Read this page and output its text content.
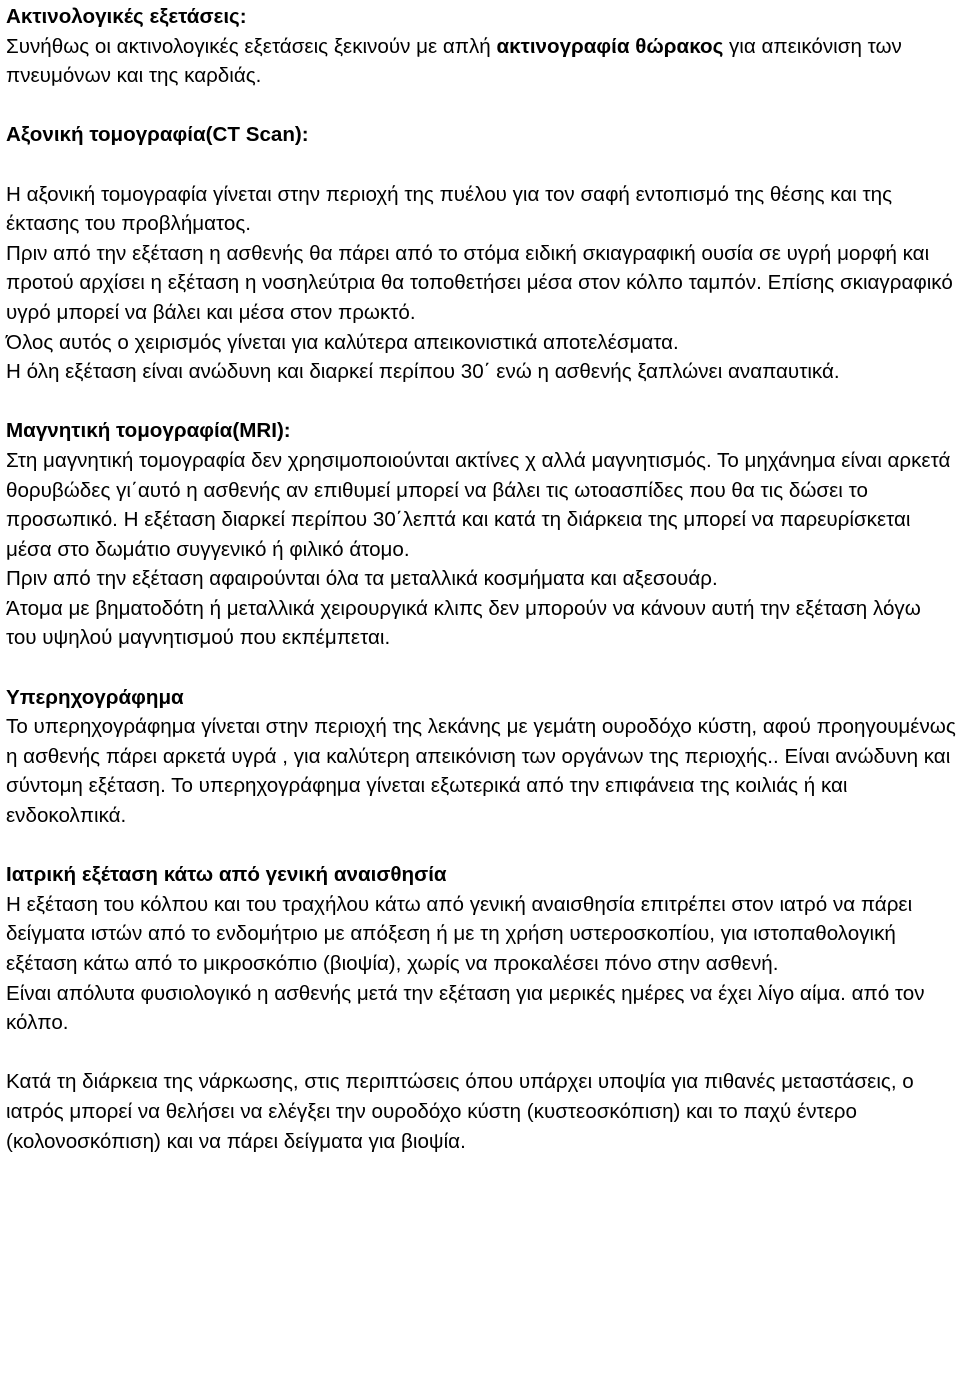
Ακτινολογικές εξετάσεις:
Συνήθως οι ακτινολογικές εξετάσεις ξεκινούν με απλή ακτινογραφία θώρακος για απεικόνιση των πνευμόνων και της καρδιάς.
Αξονική τομογραφία(CT Scan):
Η αξονική τομογραφία γίνεται στην περιοχή της πυέλου για τον σαφή εντοπισμό της θέσης και της έκτασης του προβλήματος.
Πριν από την εξέταση η ασθενής θα πάρει από το στόμα ειδική σκιαγραφική ουσία σε υγρή μορφή και προτού αρχίσει η εξέταση η νοσηλεύτρια θα τοποθετήσει μέσα στον κόλπο ταμπόν. Επίσης σκιαγραφικό υγρό μπορεί να βάλει και μέσα στον πρωκτό.
Όλος αυτός ο χειρισμός γίνεται για καλύτερα απεικονιστικά αποτελέσματα.
Η όλη εξέταση είναι ανώδυνη και διαρκεί περίπου 30΄ ενώ η ασθενής ξαπλώνει αναπαυτικά.
Μαγνητική τομογραφία(MRI):
Στη μαγνητική τομογραφία δεν χρησιμοποιούνται ακτίνες χ αλλά μαγνητισμός. Το μηχάνημα είναι αρκετά θορυβώδες γι΄αυτό η ασθενής αν επιθυμεί μπορεί να βάλει τις ωτοασπίδες που θα τις δώσει το προσωπικό. Η εξέταση διαρκεί περίπου 30΄λεπτά και κατά τη διάρκεια της μπορεί να παρευρίσκεται μέσα στο δωμάτιο συγγενικό ή φιλικό άτομο.
Πριν από την εξέταση αφαιρούνται όλα τα μεταλλικά κοσμήματα και αξεσουάρ.
Άτομα με βηματοδότη ή μεταλλικά χειρουργικά κλιπς δεν μπορούν να κάνουν αυτή την εξέταση λόγω του υψηλού μαγνητισμού που εκπέμπεται.
Υπερηχογράφημα
Το υπερηχογράφημα γίνεται στην περιοχή της λεκάνης με γεμάτη ουροδόχο κύστη, αφού προηγουμένως η ασθενής πάρει αρκετά υγρά , για καλύτερη απεικόνιση των οργάνων της περιοχής.. Είναι ανώδυνη και σύντομη εξέταση. Το υπερηχογράφημα γίνεται εξωτερικά από την επιφάνεια της κοιλιάς ή και ενδοκολπικά.
Ιατρική εξέταση κάτω από γενική αναισθησία
Η εξέταση του κόλπου και του τραχήλου κάτω από γενική αναισθησία επιτρέπει στον ιατρό να πάρει δείγματα ιστών από το ενδομήτριο με απόξεση ή με τη χρήση υστεροσκοπίου, για ιστοπαθολογική εξέταση κάτω από το μικροσκόπιο (βιοψία), χωρίς να προκαλέσει πόνο στην ασθενή.
Είναι απόλυτα φυσιολογικό η ασθενής μετά την εξέταση για μερικές ημέρες να έχει λίγο αίμα. από τον κόλπο.
Κατά τη διάρκεια της νάρκωσης, στις περιπτώσεις όπου υπάρχει υποψία για πιθανές μεταστάσεις, ο ιατρός μπορεί να θελήσει να ελέγξει την ουροδόχο κύστη (κυστεοσκόπιση) και το παχύ έντερο (κολονοσκόπιση) και να πάρει δείγματα για βιοψία.
